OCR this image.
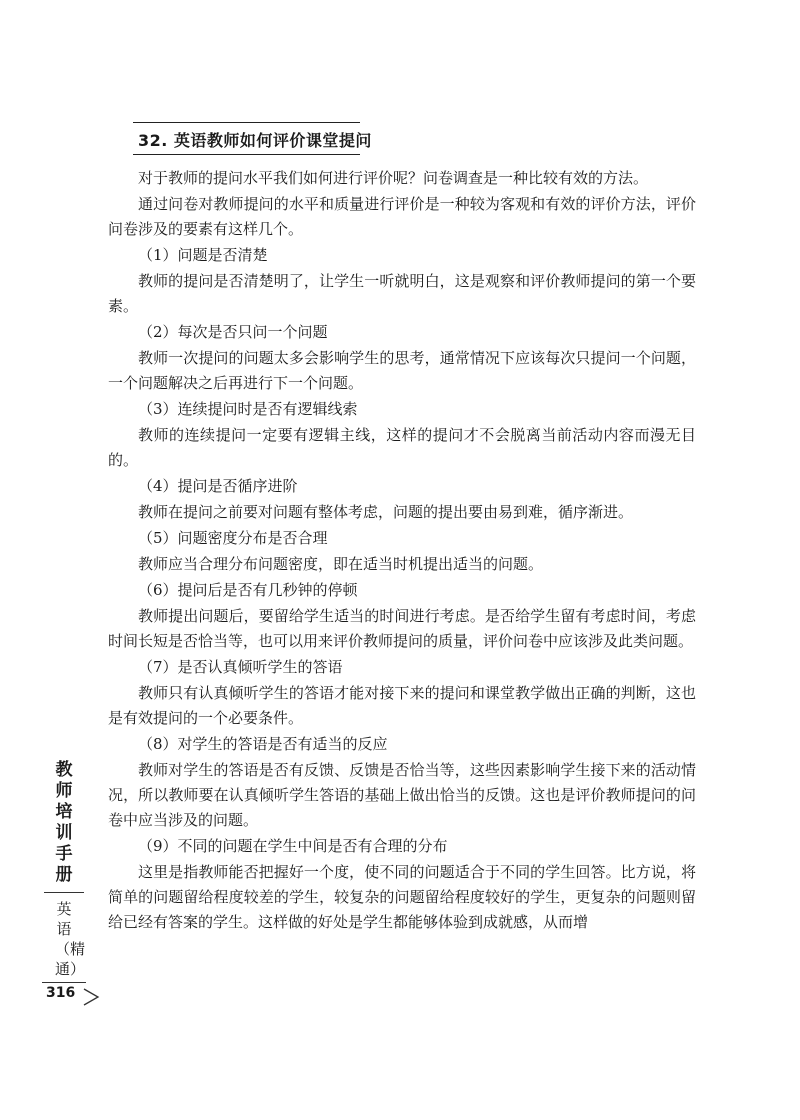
32. 英语教师如何评价课堂提问

对于教师的提问水平我们如何进行评价呢？问卷调查是一种比较有效的方法。

通过问卷对教师提问的水平和质量进行评价是一种较为客观和有效的评价方法，评价问卷涉及的要素有这样几个。

（1）问题是否清楚

教师的提问是否清楚明了，让学生一听就明白，这是观察和评价教师提问的第一个要素。

（2）每次是否只问一个问题

教师一次提问的问题太多会影响学生的思考，通常情况下应该每次只提问一个问题，一个问题解决之后再进行下一个问题。

（3）连续提问时是否有逻辑线索

教师的连续提问一定要有逻辑主线，这样的提问才不会脱离当前活动内容而漫无目的。

（4）提问是否循序进阶

教师在提问之前要对问题有整体考虑，问题的提出要由易到难，循序渐进。

（5）问题密度分布是否合理

教师应当合理分布问题密度，即在适当时机提出适当的问题。

（6）提问后是否有几秒钟的停顿

教师提出问题后，要留给学生适当的时间进行考虑。是否给学生留有考虑时间，考虑时间长短是否恰当等，也可以用来评价教师提问的质量，评价问卷中应该涉及此类问题。

（7）是否认真倾听学生的答语

教师只有认真倾听学生的答语才能对接下来的提问和课堂教学做出正确的判断，这也是有效提问的一个必要条件。

（8）对学生的答语是否有适当的反应

教师对学生的答语是否有反馈、反馈是否恰当等，这些因素影响学生接下来的活动情况，所以教师要在认真倾听学生答语的基础上做出恰当的反馈。这也是评价教师提问的问卷中应当涉及的问题。

（9）不同的问题在学生中间是否有合理的分布

这里是指教师能否把握好一个度，使不同的问题适合于不同的学生回答。比方说，将简单的问题留给程度较差的学生，较复杂的问题留给程度较好的学生，更复杂的问题则留给已经有答案的学生。这样做的好处是学生都能够体验到成就感，从而增

教师培训手册
英语（精通）
316
